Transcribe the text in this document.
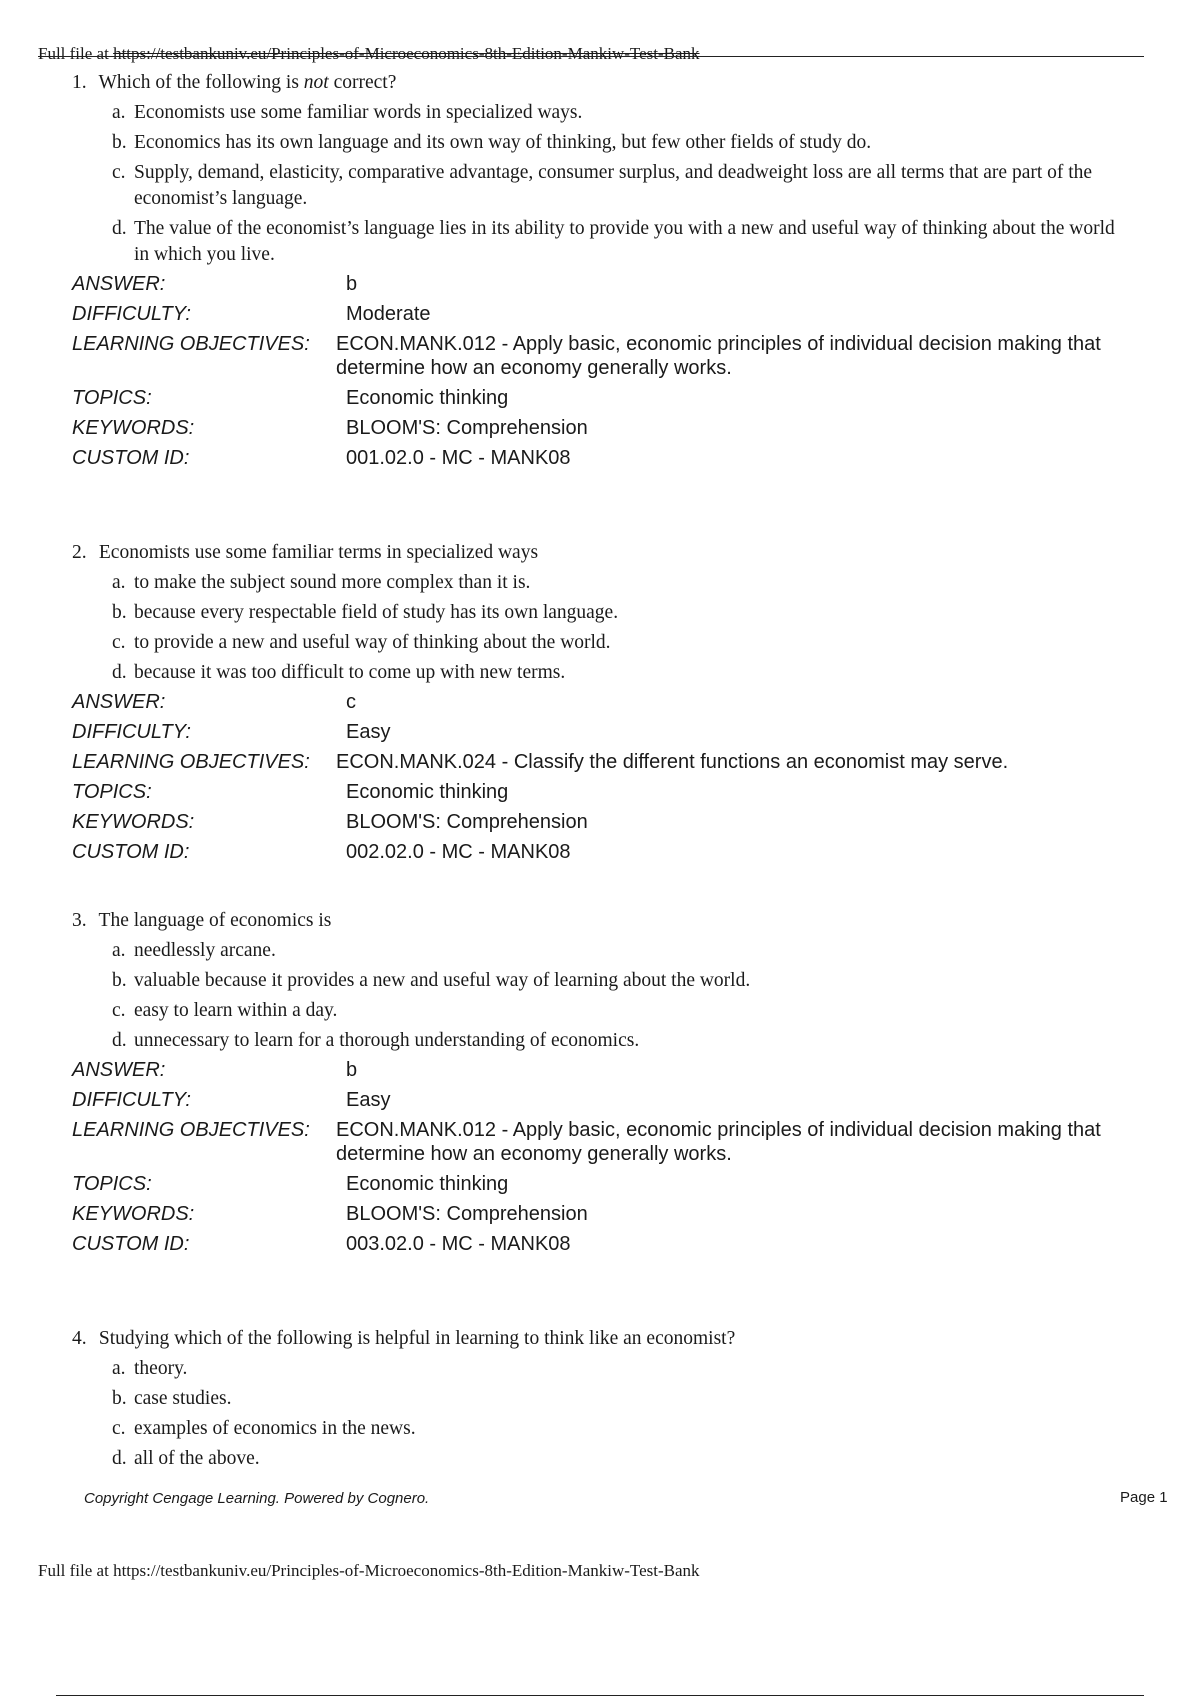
Full file at https://testbankuniv.eu/Principles-of-Microeconomics-8th-Edition-Mankiw-Test-Bank
1. Which of the following is not correct?
a. Economists use some familiar words in specialized ways.
b. Economics has its own language and its own way of thinking, but few other fields of study do.
c. Supply, demand, elasticity, comparative advantage, consumer surplus, and deadweight loss are all terms that are part of the economist’s language.
d. The value of the economist’s language lies in its ability to provide you with a new and useful way of thinking about the world in which you live.
ANSWER:	b
DIFFICULTY:	Moderate
LEARNING OBJECTIVES:	ECON.MANK.012 - Apply basic, economic principles of individual decision making that determine how an economy generally works.
TOPICS:	Economic thinking
KEYWORDS:	BLOOM'S: Comprehension
CUSTOM ID:	001.02.0 - MC - MANK08
2. Economists use some familiar terms in specialized ways
a. to make the subject sound more complex than it is.
b. because every respectable field of study has its own language.
c. to provide a new and useful way of thinking about the world.
d. because it was too difficult to come up with new terms.
ANSWER:	c
DIFFICULTY:	Easy
LEARNING OBJECTIVES:	ECON.MANK.024 - Classify the different functions an economist may serve.
TOPICS:	Economic thinking
KEYWORDS:	BLOOM'S: Comprehension
CUSTOM ID:	002.02.0 - MC - MANK08
3. The language of economics is
a. needlessly arcane.
b. valuable because it provides a new and useful way of learning about the world.
c. easy to learn within a day.
d. unnecessary to learn for a thorough understanding of economics.
ANSWER:	b
DIFFICULTY:	Easy
LEARNING OBJECTIVES:	ECON.MANK.012 - Apply basic, economic principles of individual decision making that determine how an economy generally works.
TOPICS:	Economic thinking
KEYWORDS:	BLOOM'S: Comprehension
CUSTOM ID:	003.02.0 - MC - MANK08
4. Studying which of the following is helpful in learning to think like an economist?
a. theory.
b. case studies.
c. examples of economics in the news.
d. all of the above.
Copyright Cengage Learning. Powered by Cognero.	Page 1
Full file at https://testbankuniv.eu/Principles-of-Microeconomics-8th-Edition-Mankiw-Test-Bank
